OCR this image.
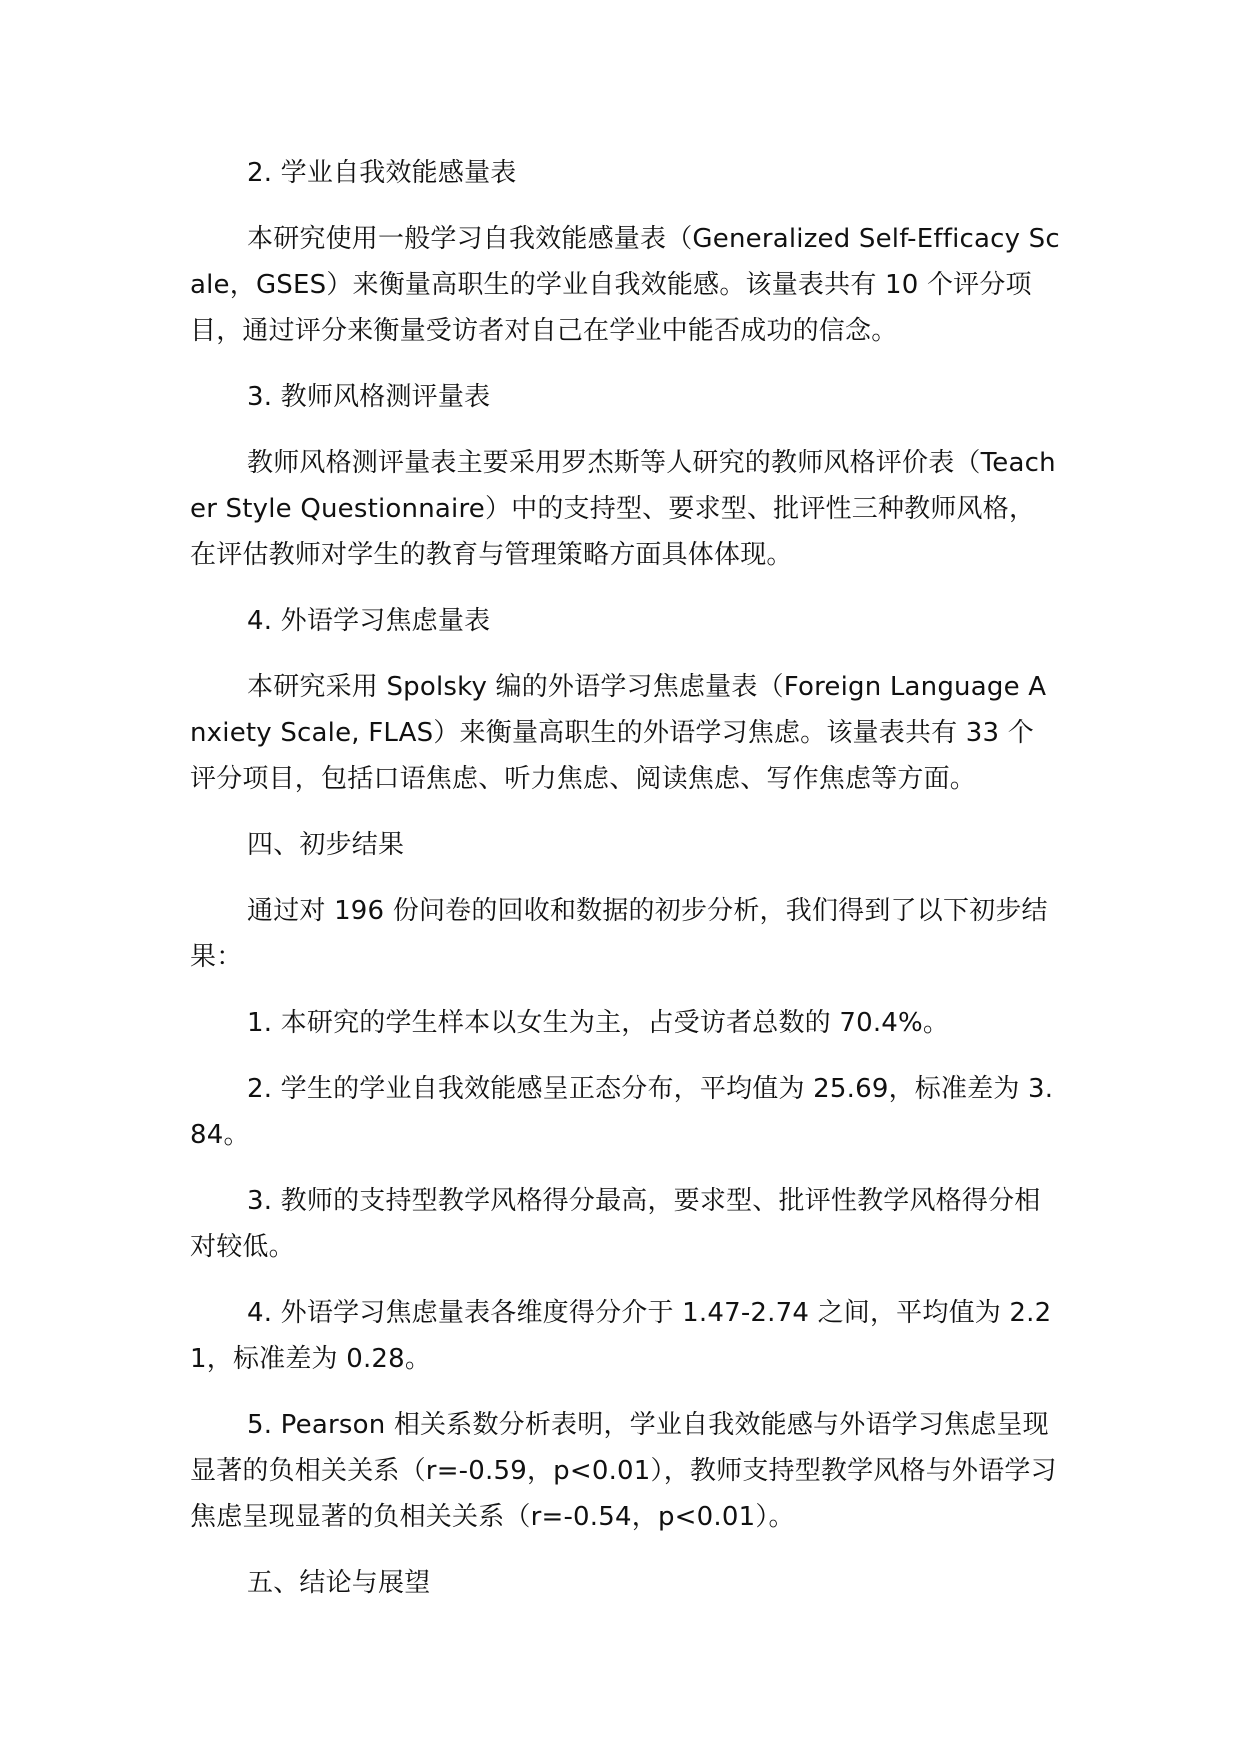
2. 学业自我效能感量表

本研究使用一般学习自我效能感量表（Generalized Self-Efficacy Scale，GSES）来衡量高职生的学业自我效能感。该量表共有 10 个评分项目，通过评分来衡量受访者对自己在学业中能否成功的信念。

3. 教师风格测评量表

教师风格测评量表主要采用罗杰斯等人研究的教师风格评价表（Teacher Style Questionnaire）中的支持型、要求型、批评性三种教师风格，在评估教师对学生的教育与管理策略方面具体体现。

4. 外语学习焦虑量表

本研究采用 Spolsky 编的外语学习焦虑量表（Foreign Language Anxiety Scale, FLAS）来衡量高职生的外语学习焦虑。该量表共有 33 个评分项目，包括口语焦虑、听力焦虑、阅读焦虑、写作焦虑等方面。

四、初步结果

通过对 196 份问卷的回收和数据的初步分析，我们得到了以下初步结果：

1. 本研究的学生样本以女生为主，占受访者总数的 70.4%。

2. 学生的学业自我效能感呈正态分布，平均值为 25.69，标准差为 3.84。

3. 教师的支持型教学风格得分最高，要求型、批评性教学风格得分相对较低。

4. 外语学习焦虑量表各维度得分介于 1.47-2.74 之间，平均值为 2.21，标准差为 0.28。

5. Pearson 相关系数分析表明，学业自我效能感与外语学习焦虑呈现显著的负相关关系（r=-0.59，p<0.01），教师支持型教学风格与外语学习焦虑呈现显著的负相关关系（r=-0.54，p<0.01）。

五、结论与展望
